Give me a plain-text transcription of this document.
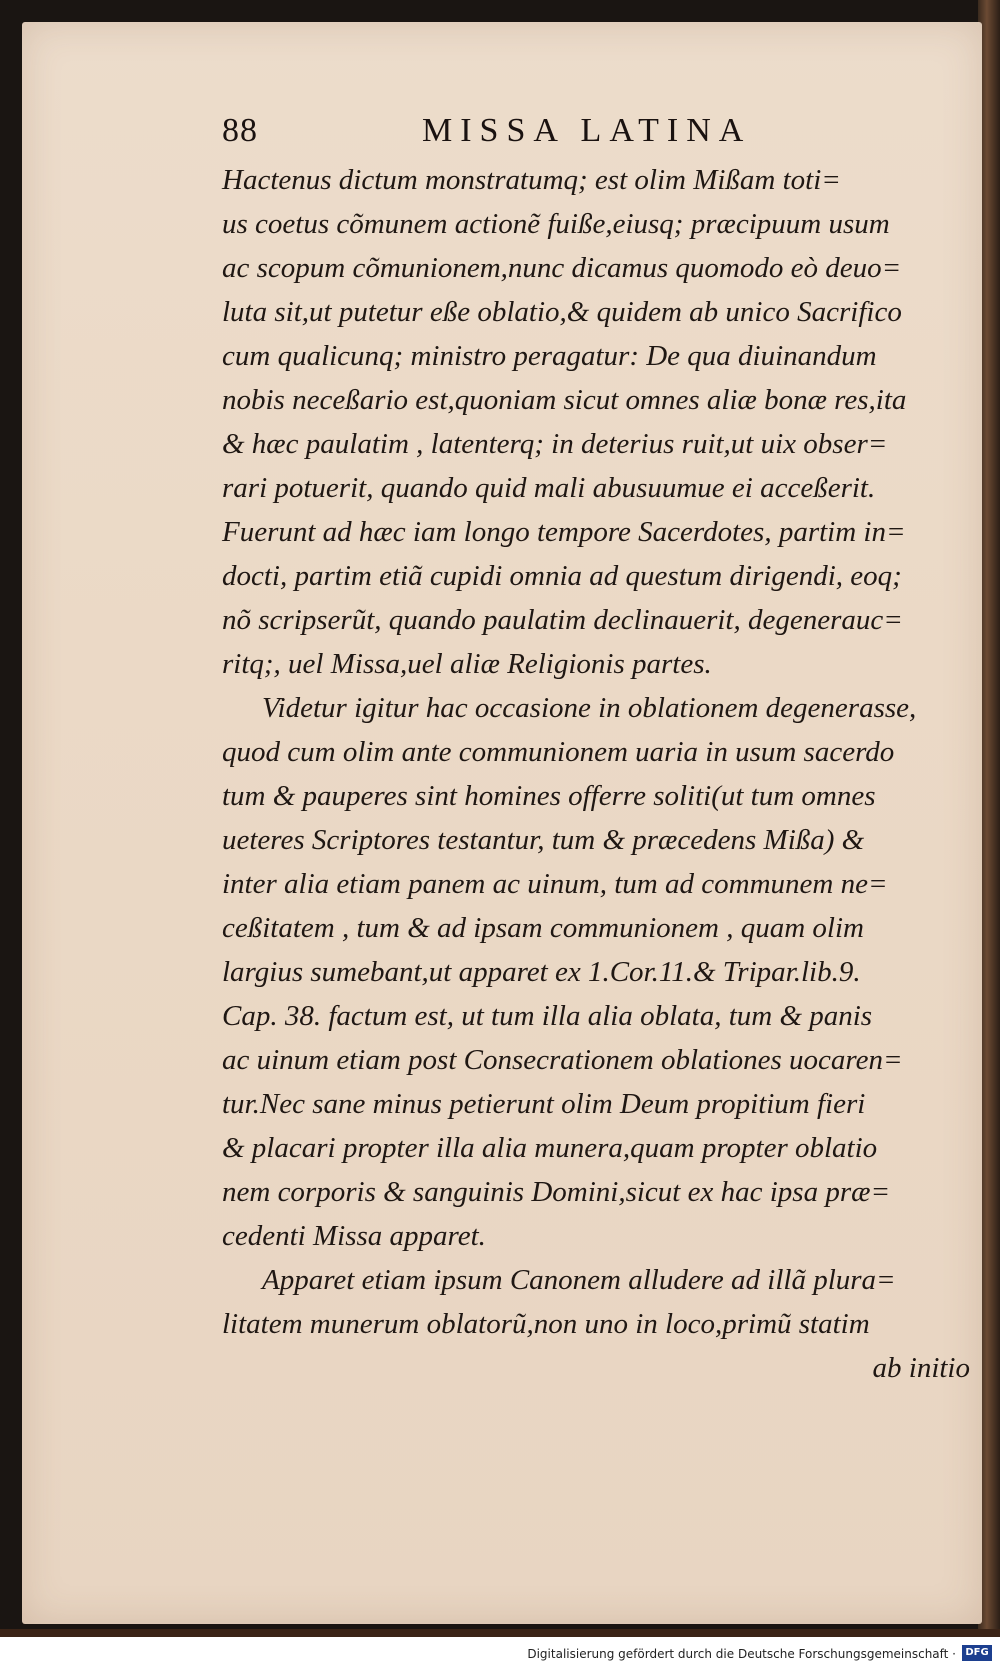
88	MISSA LATINA
Hactenus dictum monstratumq; est olim Mißam toti=
us coetus cõmunem actionẽ fuiße,eiusq; præcipuum usum
ac scopum cõmunionem,nunc dicamus quomodo eò deuo=
luta sit,ut putetur eße oblatio,& quidem ab unico Sacrifico
cum qualicunq; ministro peragatur: De qua diuinandum
nobis neceßario est,quoniam sicut omnes aliæ bonæ res,ita
& hæc paulatim , latenterq; in deterius ruit,ut uix obser=
rari potuerit, quando quid mali abusuumue ei acceßerit.
Fuerunt ad hæc iam longo tempore Sacerdotes, partim in=
docti, partim etiã cupidi omnia ad questum dirigendi, eoq;
nõ scripserũt, quando paulatim declinauerit, degenerauc=
ritq;, uel Missa,uel aliæ Religionis partes.
Videtur igitur hac occasione in oblationem degenerasse,
quod cum olim ante communionem uaria in usum sacerdo
tum & pauperes sint homines offerre soliti(ut tum omnes
ueteres Scriptores testantur, tum & præcedens Mißa) &
inter alia etiam panem ac uinum, tum ad communem ne=
ceßitatem , tum & ad ipsam communionem , quam olim
largius sumebant,ut apparet ex 1.Cor.11.& Tripar.lib.9.
Cap. 38. factum est, ut tum illa alia oblata, tum & panis
ac uinum etiam post Consecrationem oblationes uocaren=
tur.Nec sane minus petierunt olim Deum propitium fieri
& placari propter illa alia munera,quam propter oblatio
nem corporis & sanguinis Domini,sicut ex hac ipsa præ=
cedenti Missa apparet.
Apparet etiam ipsum Canonem alludere ad illã plura=
litatem munerum oblatorũ,non uno in loco,primũ statim
ab initio
Digitalisierung gefördert durch die Deutsche Forschungsgemeinschaft · DFG
